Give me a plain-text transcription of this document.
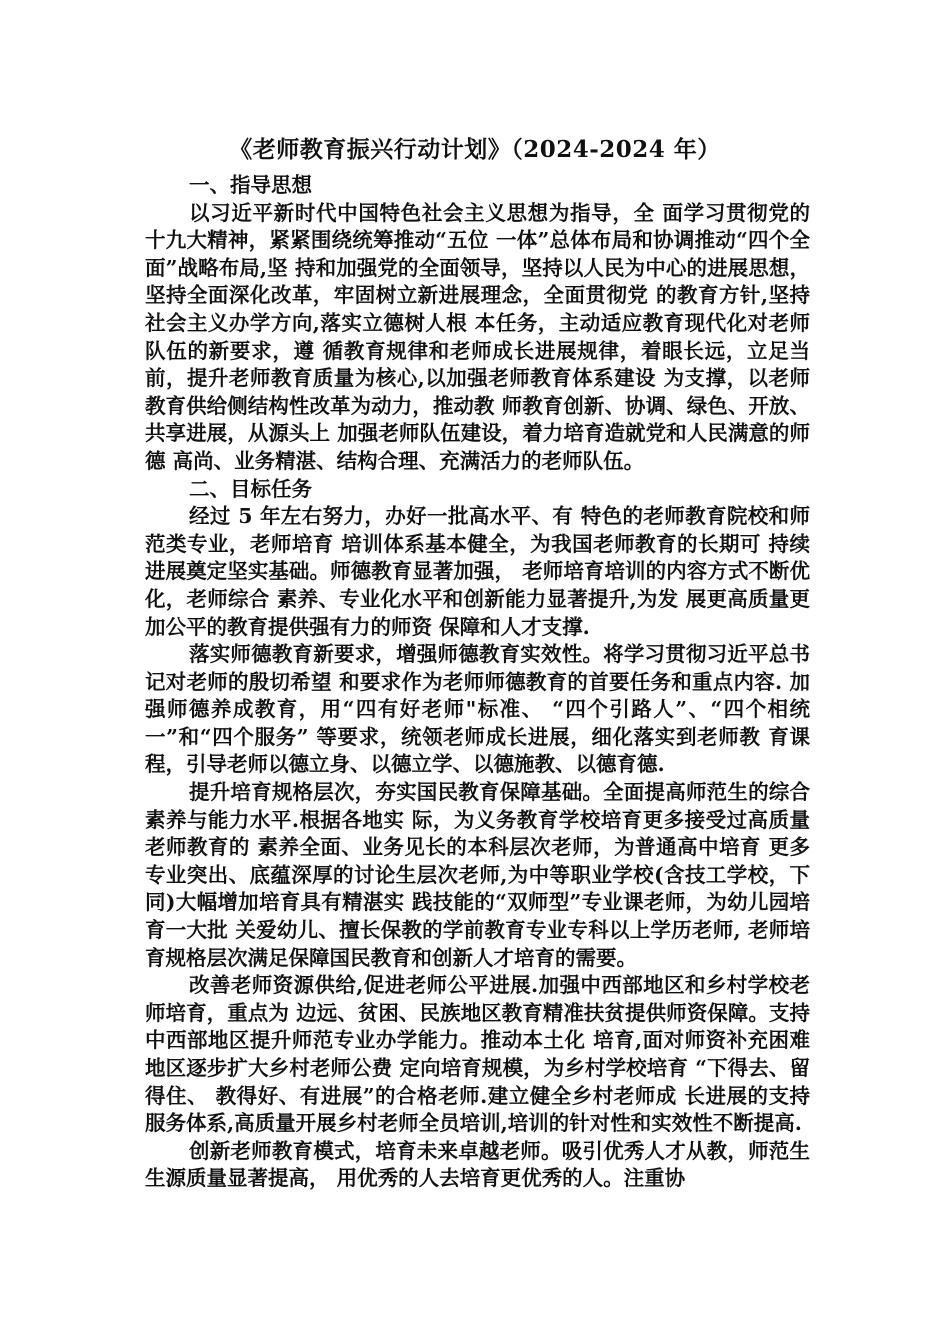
《老师教育振兴行动计划》（2024-2024 年）

一、指导思想

以习近平新时代中国特色社会主义思想为指导，全 面学习贯彻党的十九大精神，紧紧围绕统筹推动“五位 一体”总体布局和协调推动“四个全面”战略布局,坚 持和加强党的全面领导，坚持以人民为中心的进展思想，坚持全面深化改革，牢固树立新进展理念，全面贯彻党 的教育方针,坚持社会主义办学方向,落实立德树人根 本任务，主动适应教育现代化对老师队伍的新要求，遵 循教育规律和老师成长进展规律，着眼长远，立足当前，提升老师教育质量为核心,以加强老师教育体系建设 为支撑，以老师教育供给侧结构性改革为动力，推动教 师教育创新、协调、绿色、开放、共享进展，从源头上 加强老师队伍建设，着力培育造就党和人民满意的师德 高尚、业务精湛、结构合理、充满活力的老师队伍。

二、目标任务

经过 5 年左右努力，办好一批高水平、有 特色的老师教育院校和师范类专业，老师培育 培训体系基本健全，为我国老师教育的长期可 持续进展奠定坚实基础。师德教育显著加强， 老师培育培训的内容方式不断优化，老师综合 素养、专业化水平和创新能力显著提升,为发 展更高质量更加公平的教育提供强有力的师资 保障和人才支撑.

落实师德教育新要求，增强师德教育实效性。将学习贯彻习近平总书记对老师的殷切希望 和要求作为老师师德教育的首要任务和重点内容. 加强师德养成教育，用“四有好老师"标准、 “四个引路人”、“四个相统一”和“四个服务” 等要求，统领老师成长进展，细化落实到老师教 育课程，引导老师以德立身、以德立学、以德施教、以德育德.

提升培育规格层次，夯实国民教育保障基础。全面提高师范生的综合素养与能力水平.根据各地实 际，为义务教育学校培育更多接受过高质量老师教育的 素养全面、业务见长的本科层次老师，为普通高中培育 更多专业突出、底蕴深厚的讨论生层次老师,为中等职业学校(含技工学校，下同)大幅增加培育具有精湛实 践技能的“双师型”专业课老师，为幼儿园培育一大批 关爱幼儿、擅长保教的学前教育专业专科以上学历老师, 老师培育规格层次满足保障国民教育和创新人才培育的需要。

改善老师资源供给,促进老师公平进展.加强中西部地区和乡村学校老师培育，重点为 边远、贫困、民族地区教育精准扶贫提供师资保障。支持中西部地区提升师范专业办学能力。推动本土化 培育,面对师资补充困难地区逐步扩大乡村老师公费 定向培育规模，为乡村学校培育 “下得去、留得住、 教得好、有进展”的合格老师.建立健全乡村老师成 长进展的支持服务体系,高质量开展乡村老师全员培训,培训的针对性和实效性不断提高.

创新老师教育模式，培育未来卓越老师。吸引优秀人才从教，师范生生源质量显著提高， 用优秀的人去培育更优秀的人。注重协
